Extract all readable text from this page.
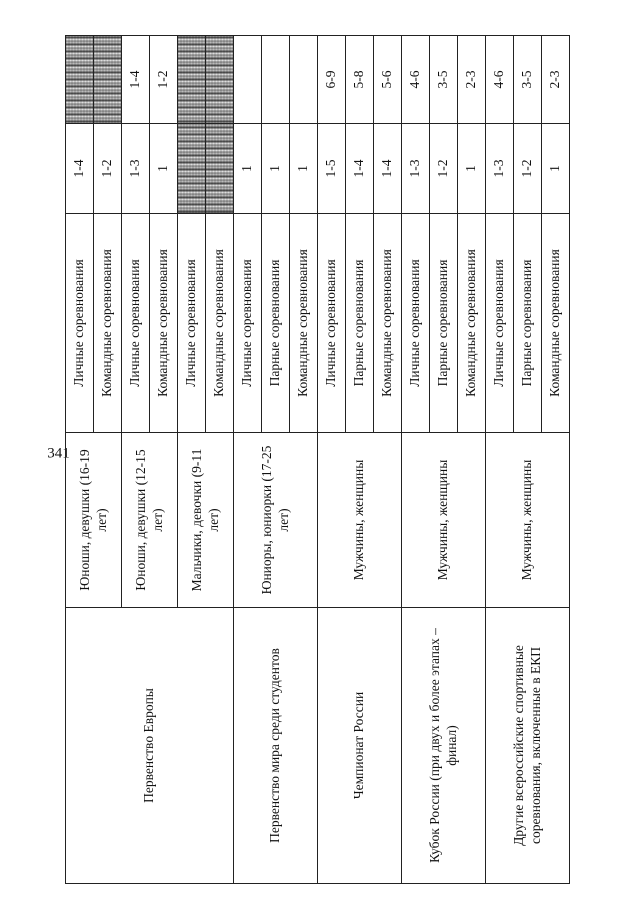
341
Первенство Европы	Юноши, девушки (16-19 лет)	Личные соревнования	1-4	
		Командные соревнования	1-2	
	Юноши, девушки (12-15 лет)	Личные соревнования	1-3	1-4
		Командные соревнования	1	1-2
	Мальчики, девочки (9-11 лет)	Личные соревнования		
		Командные соревнования		
Первенство мира среди студентов	Юниоры, юниорки (17-25 лет)	Личные соревнования	1	
		Парные соревнования	1	
		Командные соревнования	1	
Чемпионат России	Мужчины, женщины	Личные соревнования	1-5	6-9
		Парные соревнования	1-4	5-8
		Командные соревнования	1-4	5-6
Кубок России (при двух и более этапах – финал)	Мужчины, женщины	Личные соревнования	1-3	4-6
		Парные соревнования	1-2	3-5
		Командные соревнования	1	2-3
Другие всероссийские спортивные соревнования, включенные в ЕКП	Мужчины, женщины	Личные соревнования	1-3	4-6
		Парные соревнования	1-2	3-5
		Командные соревнования	1	2-3
